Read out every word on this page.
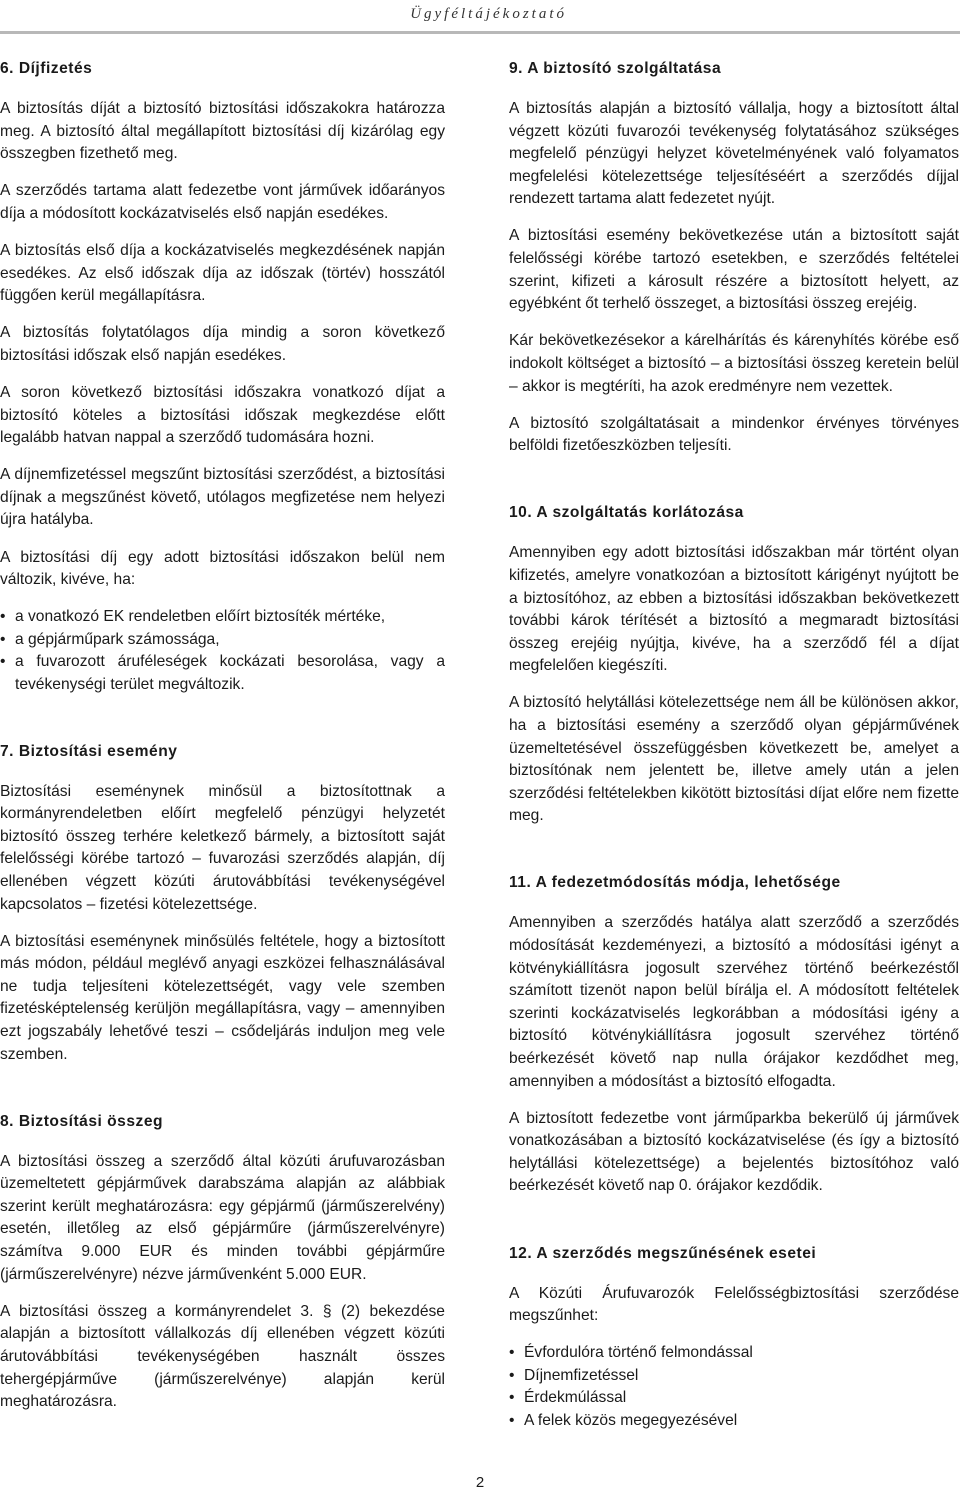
Ügyféltájékoztató
6. Díjfizetés

A biztosítás díját a biztosító biztosítási időszakokra határozza meg. A biztosító által megállapított biztosítási díj kizárólag egy összegben fizethető meg.

A szerződés tartama alatt fedezetbe vont járművek időarányos díja a módosított kockázatviselés első napján esedékes.

A biztosítás első díja a kockázatviselés megkezdésének napján esedékes. Az első időszak díja az időszak (törtév) hosszától függően kerül megállapításra.

A biztosítás folytatólagos díja mindig a soron következő biztosítási időszak első napján esedékes.

A soron következő biztosítási időszakra vonatkozó díjat a biztosító köteles a biztosítási időszak megkezdése előtt legalább hatvan nappal a szerződő tudomására hozni.

A díjnemfizetéssel megszűnt biztosítási szerződést, a biztosítási díjnak a megszűnést követő, utólagos megfizetése nem helyezi újra hatályba.

A biztosítási díj egy adott biztosítási időszakon belül nem változik, kivéve, ha:

• a vonatkozó EK rendeletben előírt biztosíték mértéke,
• a gépjárműpark számossága,
• a fuvarozott áruféleségek kockázati besorolása, vagy a tevékenységi terület megváltozik.
7. Biztosítási esemény

Biztosítási eseménynek minősül a biztosítottnak a kormányrendeletben előírt megfelelő pénzügyi helyzetét biztosító összeg terhére keletkező bármely, a biztosított saját felelősségi körébe tartozó – fuvarozási szerződés alapján, díj ellenében végzett közúti árutovábbítási tevékenységével kapcsolatos – fizetési kötelezettsége.

A biztosítási eseménynek minősülés feltétele, hogy a biztosított más módon, például meglévő anyagi eszközei felhasználásával ne tudja teljesíteni kötelezettségét, vagy vele szemben fizetésképtelenség kerüljön megállapításra, vagy – amennyiben ezt jogszabály lehetővé teszi – csődeljárás induljon meg vele szemben.

8. Biztosítási összeg

A biztosítási összeg a szerződő által közúti árufuvarozásban üzemeltetett gépjárművek darabszáma alapján az alábbiak szerint került meghatározásra: egy gépjármű (járműszerelvény) esetén, illetőleg az első gépjárműre (járműszerelvényre) számítva 9.000 EUR és minden további gépjárműre (járműszerelvényre) nézve járművenként 5.000 EUR.

A biztosítási összeg a kormányrendelet 3. § (2) bekezdése alapján a biztosított vállalkozás díj ellenében végzett közúti árutovábbítási tevékenységében használt összes tehergépjárműve (járműszerelvénye) alapján kerül meghatározásra.

9. A biztosító szolgáltatása

A biztosítás alapján a biztosító vállalja, hogy a biztosított által végzett közúti fuvarozói tevékenység folytatásához szükséges megfelelő pénzügyi helyzet követelményének való folyamatos megfelelési kötelezettsége teljesítéséért a szerződés díjjal rendezett tartama alatt fedezetet nyújt.

A biztosítási esemény bekövetkezése után a biztosított saját felelősségi körébe tartozó esetekben, e szerződés feltételei szerint, kifizeti a károsult részére a biztosított helyett, az egyébként őt terhelő összeget, a biztosítási összeg erejéig.

Kár bekövetkezésekor a kárelhárítás és kárenyhítés körébe eső indokolt költséget a biztosító – a biztosítási összeg keretein belül – akkor is megtéríti, ha azok eredményre nem vezettek.

A biztosító szolgáltatásait a mindenkor érvényes törvényes belföldi fizetőeszközben teljesíti.

10. A szolgáltatás korlátozása

Amennyiben egy adott biztosítási időszakban már történt olyan kifizetés, amelyre vonatkozóan a biztosított kárigényt nyújtott be a biztosítóhoz, az ebben a biztosítási időszakban bekövetkezett további károk térítését a biztosító a megmaradt biztosítási összeg erejéig nyújtja, kivéve, ha a szerződő fél a díjat megfelelően kiegészíti.

A biztosító helytállási kötelezettsége nem áll be különösen akkor, ha a biztosítási esemény a szerződő olyan gépjárművének üzemeltetésével összefüggésben következett be, amelyet a biztosítónak nem jelentett be, illetve amely után a jelen szerződési feltételekben kikötött biztosítási díjat előre nem fizette meg.

11. A fedezetmódosítás módja, lehetősége

Amennyiben a szerződés hatálya alatt szerződő a szerződés módosítását kezdeményezi, a biztosító a módosítási igényt a kötvénykiállításra jogosult szervéhez történő beérkezéstől számított tizenöt napon belül bírálja el. A módosított feltételek szerinti kockázatviselés legkorábban a módosítási igény a biztosító kötvénykiállításra jogosult szervéhez történő beérkezését követő nap nulla órájakor kezdődhet meg, amennyiben a módosítást a biztosító elfogadta.

A biztosított fedezetbe vont járműparkba bekerülő új járművek vonatkozásában a biztosító kockázatviselése (és így a biztosító helytállási kötelezettsége) a bejelentés biztosítóhoz való beérkezését követő nap 0. órájakor kezdődik.

12. A szerződés megszűnésének esetei

A Közúti Árufuvarozók Felelősségbiztosítási szerződése megszűnhet:

• Évfordulóra történő felmondással
• Díjnemfizetéssel
• Érdekmúlással
• A felek közös megegyezésével
2
